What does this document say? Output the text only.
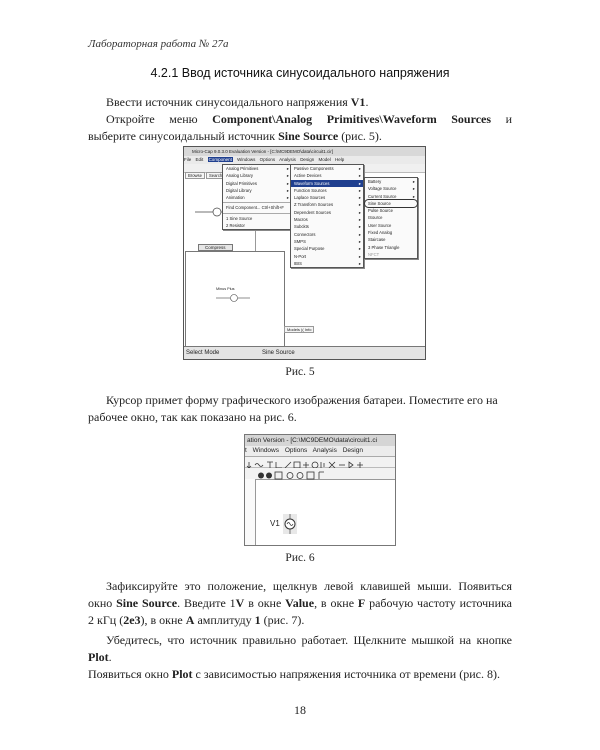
Лабораторная работа № 27а
4.2.1 Ввод источника синусоидального напряжения
Ввести источник синусоидального напряжения V1.
Откройте меню Component\Analog Primitives\Waveform Sources и
выберите синусоидальный источник Sine Source (рис. 5).
Micro-Cap 9.0.3.0 Evaluation Version - [C:\MC9DEMO\data\circuit1.cir]
File Edit Component Windows Options Analysis Design Model Help
Browse Search
Compress
Minus Plus
Models )( Info
Select Mode	Sine Source
Analog Primitives ▸
Analog Library ▸
Digital Primitives ▸
Digital Library ▸
Animation ▸
Find Component... Ctrl+Shift+F
1 Sine Source
2 Resistor
Passive Components ▸
Active Devices ▸
Waveform Sources ▸
Function Sources ▸
Laplace Sources ▸
Z Transform Sources ▸
Dependent Sources ▸
Macros ▸
Subckts ▸
Connectors ▸
SMPS ▸
Special Purpose ▸
N-Port ▸
IBIS ▸
Battery ▸
Voltage Source ▸
Current Source ▸
Sine Source
Pulse Source
ISource
User Source
Fixed Analog
Staircase
3 Phase Triangle
NFCT
Рис. 5
Курсор примет форму графического изображения батареи. Поместите его на
рабочее окно, так как показано на рис. 6.
ation Version - [C:\MC9DEMO\data\circuit1.ci
t Windows Options Analysis Design
V1
Рис. 6
Зафиксируйте это положение, щелкнув левой клавишей мыши. Появиться
окно Sine Source. Введите 1V в окне Value, в окне F рабочую частоту источника
2 кГц (2e3), в окне A амплитуду 1 (рис. 7).
Убедитесь, что источник правильно работает. Щелкните мышкой на кнопке Plot.
Появиться окно Plot с зависимостью напряжения источника от времени (рис. 8).
18
